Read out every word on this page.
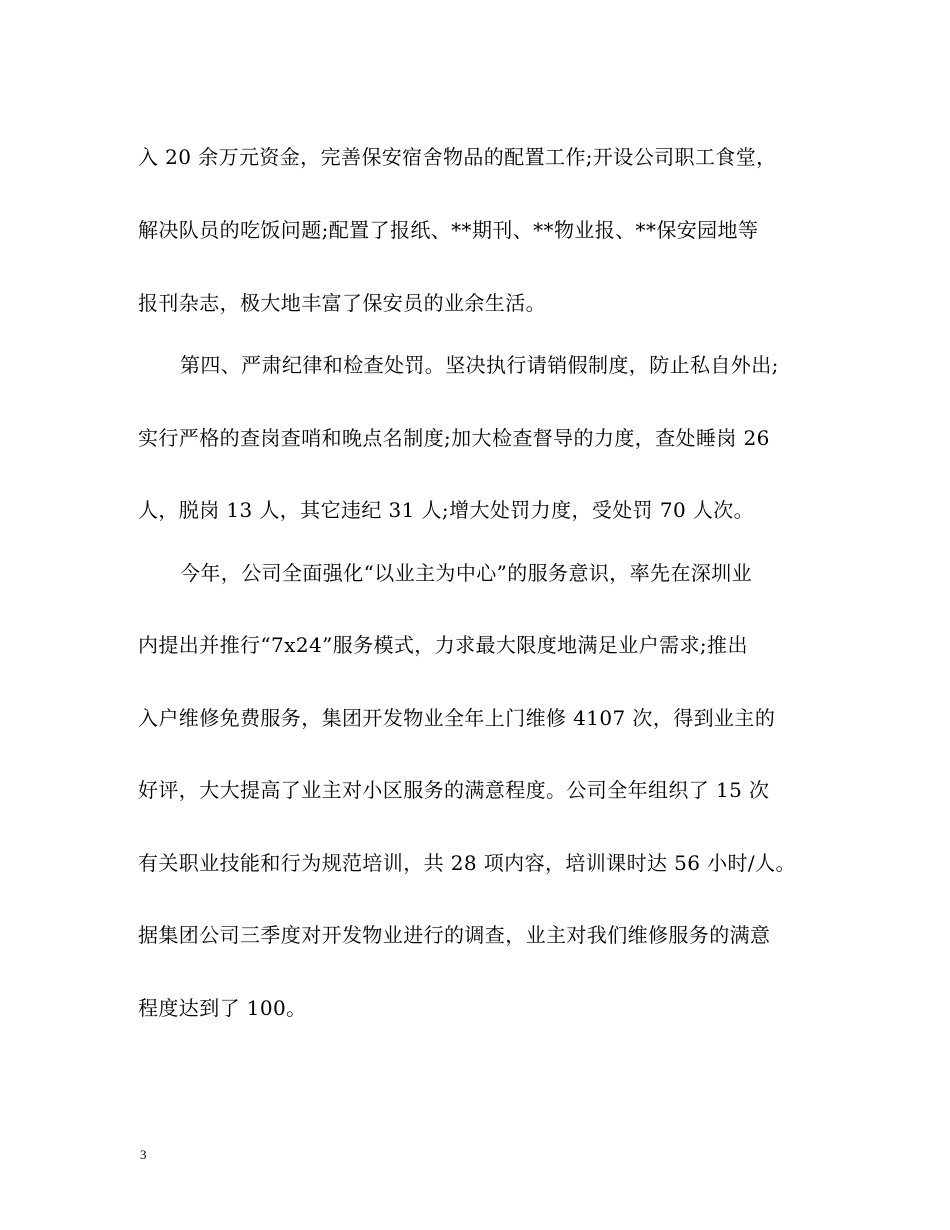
入 20 余万元资金，完善保安宿舍物品的配置工作;开设公司职工食堂，
解决队员的吃饭问题;配置了报纸、**期刊、**物业报、**保安园地等
报刊杂志，极大地丰富了保安员的业余生活。
第四、严肃纪律和检查处罚。坚决执行请销假制度，防止私自外出;
实行严格的查岗查哨和晚点名制度;加大检查督导的力度，查处睡岗 26
人，脱岗 13 人，其它违纪 31 人;增大处罚力度，受处罚 70 人次。
今年，公司全面强化“以业主为中心”的服务意识，率先在深圳业
内提出并推行“7x24”服务模式，力求最大限度地满足业户需求;推出
入户维修免费服务，集团开发物业全年上门维修 4107 次，得到业主的
好评，大大提高了业主对小区服务的满意程度。公司全年组织了 15 次
有关职业技能和行为规范培训，共 28 项内容，培训课时达 56 小时/人。
据集团公司三季度对开发物业进行的调查，业主对我们维修服务的满意
程度达到了 100。
3
